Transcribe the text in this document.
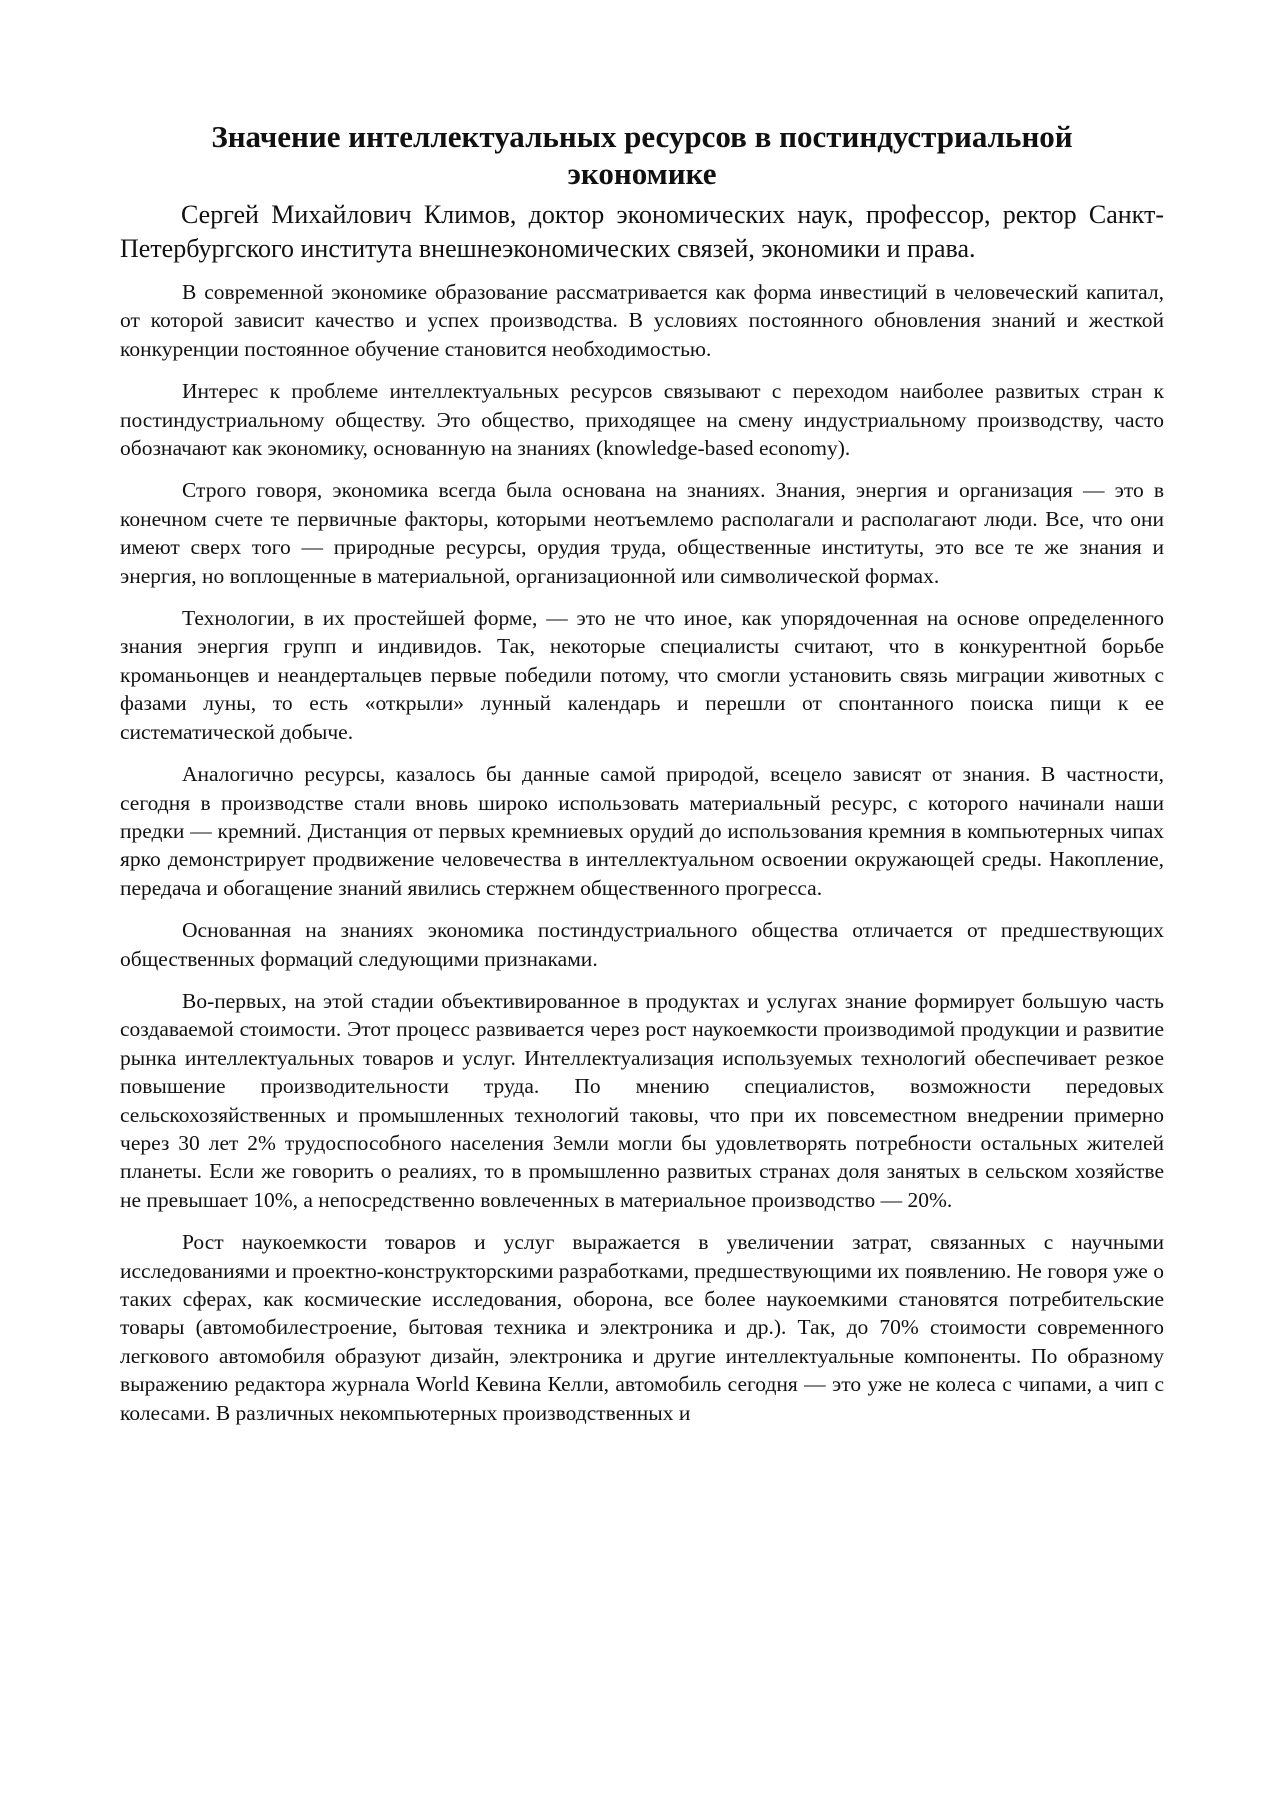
Значение интеллектуальных ресурсов в постиндустриальной экономике

Сергей Михайлович Климов, доктор экономических наук, профессор, ректор Санкт-Петербургского института внешнеэкономических связей, экономики и права.

В современной экономике образование рассматривается как форма инвестиций в человеческий капитал, от которой зависит качество и успех производства. В условиях постоянного обновления знаний и жесткой конкуренции постоянное обучение становится необходимостью.

Интерес к проблеме интеллектуальных ресурсов связывают с переходом наиболее развитых стран к постиндустриальному обществу. Это общество, приходящее на смену индустриальному производству, часто обозначают как экономику, основанную на знаниях (knowledge-based economy).

Строго говоря, экономика всегда была основана на знаниях. Знания, энергия и организация — это в конечном счете те первичные факторы, которыми неотъемлемо располагали и располагают люди. Все, что они имеют сверх того — природные ресурсы, орудия труда, общественные институты, это все те же знания и энергия, но воплощенные в материальной, организационной или символической формах.

Технологии, в их простейшей форме, — это не что иное, как упорядоченная на основе определенного знания энергия групп и индивидов. Так, некоторые специалисты считают, что в конкурентной борьбе кроманьонцев и неандертальцев первые победили потому, что смогли установить связь миграции животных с фазами луны, то есть «открыли» лунный календарь и перешли от спонтанного поиска пищи к ее систематической добыче.

Аналогично ресурсы, казалось бы данные самой природой, всецело зависят от знания. В частности, сегодня в производстве стали вновь широко использовать материальный ресурс, с которого начинали наши предки — кремний. Дистанция от первых кремниевых орудий до использования кремния в компьютерных чипах ярко демонстрирует продвижение человечества в интеллектуальном освоении окружающей среды. Накопление, передача и обогащение знаний явились стержнем общественного прогресса.

Основанная на знаниях экономика постиндустриального общества отличается от предшествующих общественных формаций следующими признаками.

Во-первых, на этой стадии объективированное в продуктах и услугах знание формирует большую часть создаваемой стоимости. Этот процесс развивается через рост наукоемкости производимой продукции и развитие рынка интеллектуальных товаров и услуг. Интеллектуализация используемых технологий обеспечивает резкое повышение производительности труда. По мнению специалистов, возможности передовых сельскохозяйственных и промышленных технологий таковы, что при их повсеместном внедрении примерно через 30 лет 2% трудоспособного населения Земли могли бы удовлетворять потребности остальных жителей планеты. Если же говорить о реалиях, то в промышленно развитых странах доля занятых в сельском хозяйстве не превышает 10%, а непосредственно вовлеченных в материальное производство — 20%.

Рост наукоемкости товаров и услуг выражается в увеличении затрат, связанных с научными исследованиями и проектно-конструкторскими разработками, предшествующими их появлению. Не говоря уже о таких сферах, как космические исследования, оборона, все более наукоемкими становятся потребительские товары (автомобилестроение, бытовая техника и электроника и др.). Так, до 70% стоимости современного легкового автомобиля образуют дизайн, электроника и другие интеллектуальные компоненты. По образному выражению редактора журнала World Кевина Келли, автомобиль сегодня — это уже не колеса с чипами, а чип с колесами. В различных некомпьютерных производственных и
